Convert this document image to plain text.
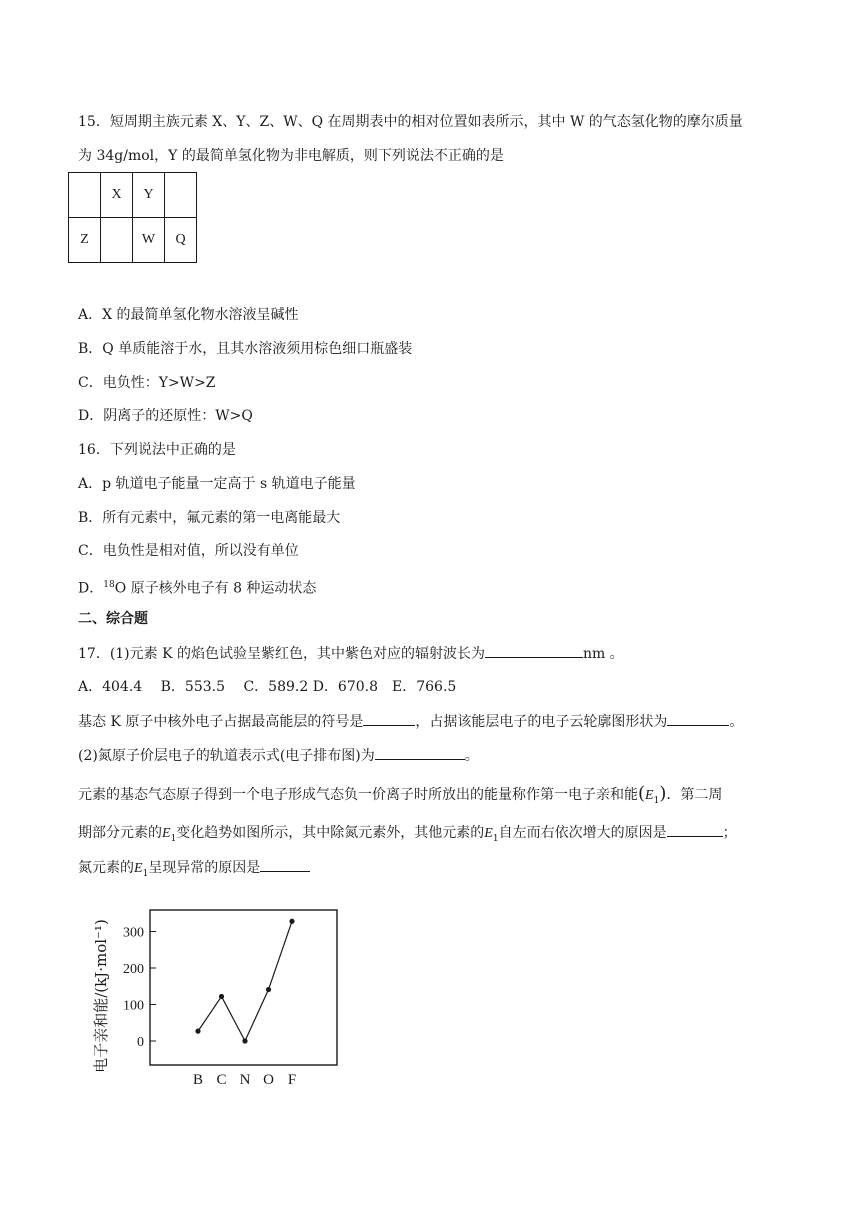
15．短周期主族元素 X、Y、Z、W、Q 在周期表中的相对位置如表所示，其中 W 的气态氢化物的摩尔质量
为 34g/mol，Y 的最简单氢化物为非电解质，则下列说法不正确的是
	X	Y	
Z		W	Q
A．X 的最简单氢化物水溶液呈碱性
B．Q 单质能溶于水，且其水溶液须用棕色细口瓶盛装
C．电负性：Y>W>Z
D．阴离子的还原性：W>Q
16．下列说法中正确的是
A．p 轨道电子能量一定高于 s 轨道电子能量
B．所有元素中，氟元素的第一电离能最大
C．电负性是相对值，所以没有单位
D．$^{18}$O 原子核外电子有 8 种运动状态
二、综合题
17．(1)元素 K 的焰色试验呈紫红色，其中紫色对应的辐射波长为	nm 。
A．404.4　 B．553.5　 C．589.2 D．670.8　E．766.5
基态 K 原子中核外电子占据最高能层的符号是	，占据该能层电子的电子云轮廓图形状为	。
(2)氮原子价层电子的轨道表示式(电子排布图)为	。
元素的基态气态原子得到一个电子形成气态负一价离子时所放出的能量称作第一电子亲和能$(E_1)$．第二周
期部分元素的$E_1$变化趋势如图所示，其中除氮元素外，其他元素的$E_1$自左而右依次增大的原因是	；
氮元素的$E_1$呈现异常的原因是
电子亲和能/(kJ·mol⁻¹) 0
100
200
300
B C N O F
